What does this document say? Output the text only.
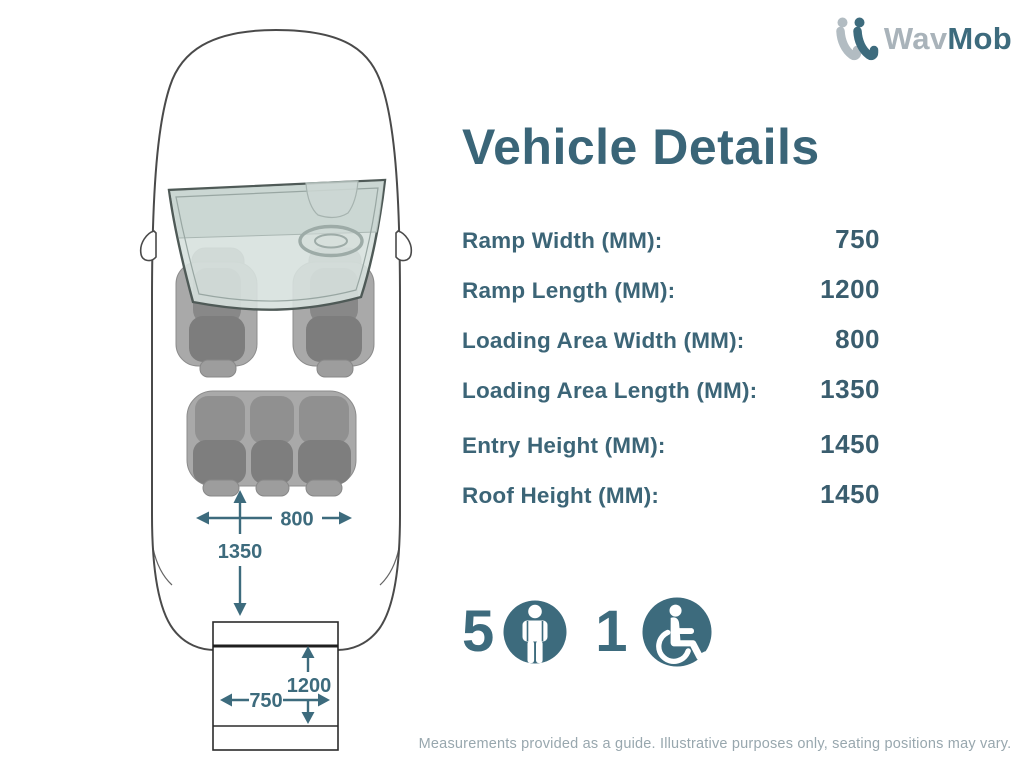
800
1350
1200
750
WavMob
Vehicle Details
Ramp Width (MM):	750
Ramp Length (MM):	1200
Loading Area Width (MM):	800
Loading Area Length (MM): 1350
Entry Height (MM):	1450
Roof Height (MM):	1450
5 1
Measurements provided as a guide. Illustrative purposes only, seating positions may vary.
